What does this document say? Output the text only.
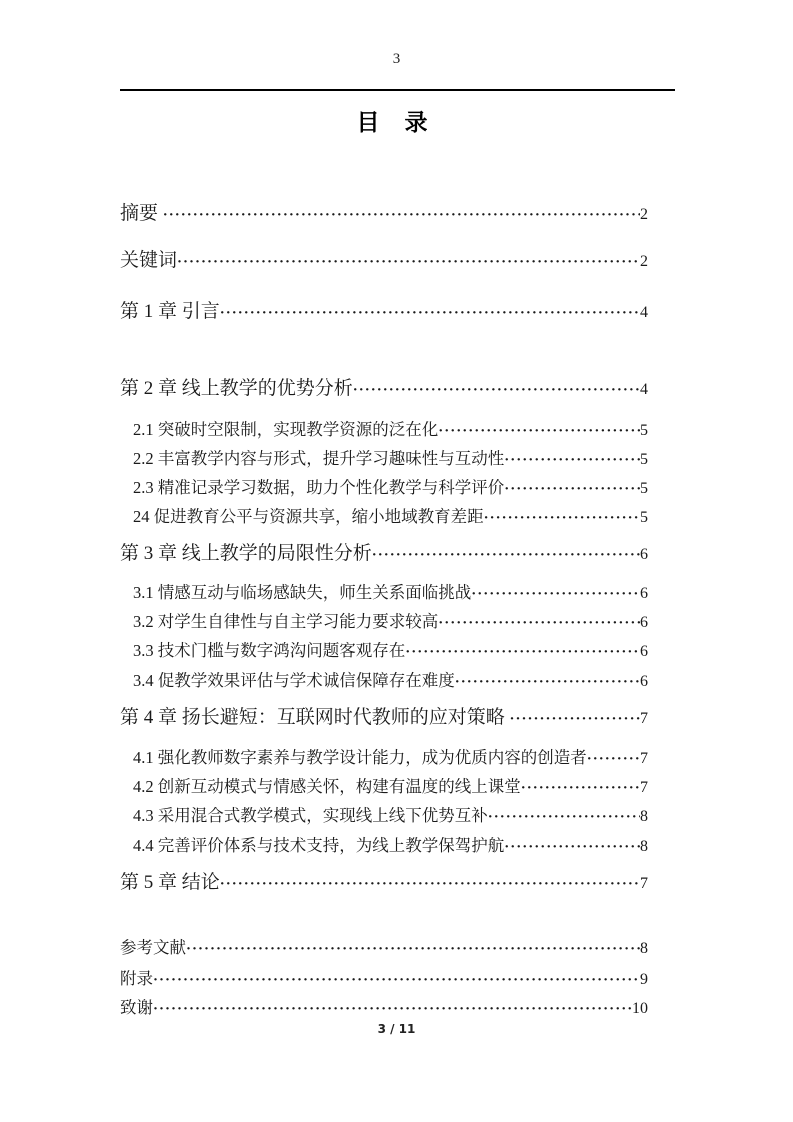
3
目　录
摘要 ·····	2
关键词 ·····	2
第 1 章 引言 ·····	4
第 2 章 线上教学的优势分析 ·····	4
2.1 突破时空限制，实现教学资源的泛在化 ·····	5
2.2 丰富教学内容与形式，提升学习趣味性与互动性 ·····	5
2.3 精准记录学习数据，助力个性化教学与科学评价 ·····	5
24 促进教育公平与资源共享，缩小地域教育差距 ·····	5
第 3 章 线上教学的局限性分析 ·····	6
3.1 情感互动与临场感缺失，师生关系面临挑战 ·····	6
3.2 对学生自律性与自主学习能力要求较高 ·····	6
3.3 技术门槛与数字鸿沟问题客观存在 ·····	6
3.4 促教学效果评估与学术诚信保障存在难度 ·····	6
第 4 章 扬长避短：互联网时代教师的应对策略 ·····	7
4.1 强化教师数字素养与教学设计能力，成为优质内容的创造者 ·····	7
4.2 创新互动模式与情感关怀，构建有温度的线上课堂 ·····	7
4.3 采用混合式教学模式，实现线上线下优势互补 ·····	8
4.4 完善评价体系与技术支持，为线上教学保驾护航 ·····	8
第 5 章 结论 ·····	7
参考文献 ·····	8
附录 ·····	9
致谢 ·····	10
3 / 11
